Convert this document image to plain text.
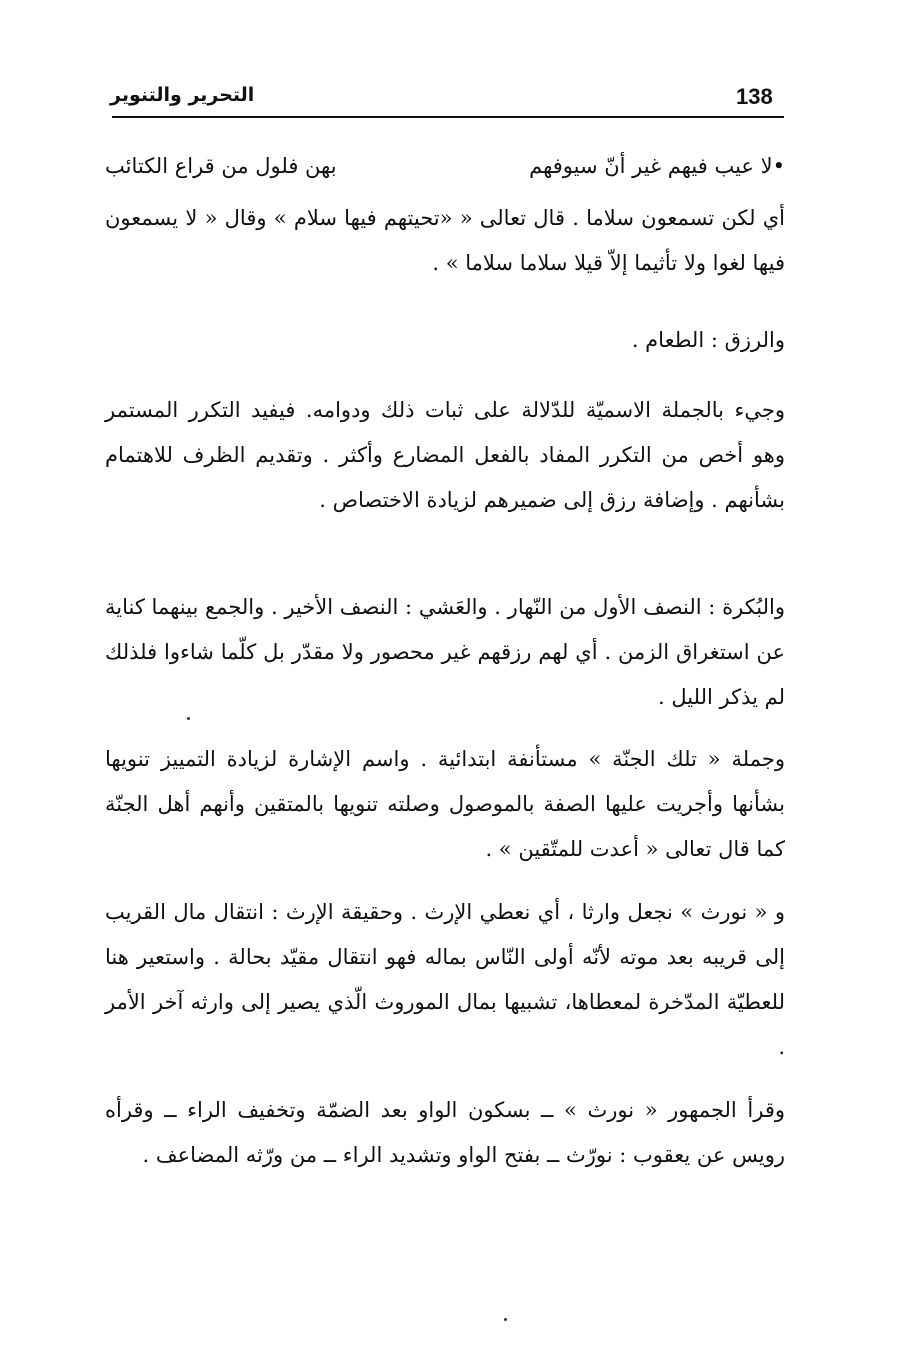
138
التحرير والتنوير
•لا عيب فيهم غير أنّ سيوفهم
بهن فلول من قراع الكتائب

أي لكن تسمعون سلاما . قال تعالى « «تحيتهم فيها سلام » وقال « لا يسمعون فيها لغوا ولا تأثيما إلاّ قيلا سلاما سلاما » .

والرزق : الطعام .

وجيء بالجملة الاسميّة للدّلالة على ثبات ذلك ودوامه. فيفيد التكرر المستمر وهو أخص من التكرر المفاد بالفعل المضارع وأكثر . وتقديم الظرف للاهتمام بشأنهم . وإضافة رزق إلى ضميرهم لزيادة الاختصاص .

والبُكرة : النصف الأول من النّهار . والعَشي : النصف الأخير . والجمع بينهما كناية عن استغراق الزمن . أي لهم رزقهم غير محصور ولا مقدّر بل كلّما شاءوا فلذلك لم يذكر الليل .

وجملة « تلك الجنّة » مستأنفة ابتدائية . واسم الإشارة لزيادة التمييز تنويها بشأنها وأجريت عليها الصفة بالموصول وصلته تنويها بالمتقين وأنهم أهل الجنّة كما قال تعالى « أعدت للمتّقين » .

و « نورث » نجعل وارثا ، أي نعطي الإرث . وحقيقة الإرث : انتقال مال القريب إلى قريبه بعد موته لأنّه أولى النّاس بماله فهو انتقال مقيّد بحالة . واستعير هنا للعطيّة المدّخرة لمعطاها، تشبيها بمال الموروث الّذي يصير إلى وارثه آخر الأمر .

وقرأ الجمهور « نورث » ــ بسكون الواو بعد الضمّة وتخفيف الراء ــ وقرأه رويس عن يعقوب : نورّث ــ بفتح الواو وتشديد الراء ــ من ورّثه المضاعف .
